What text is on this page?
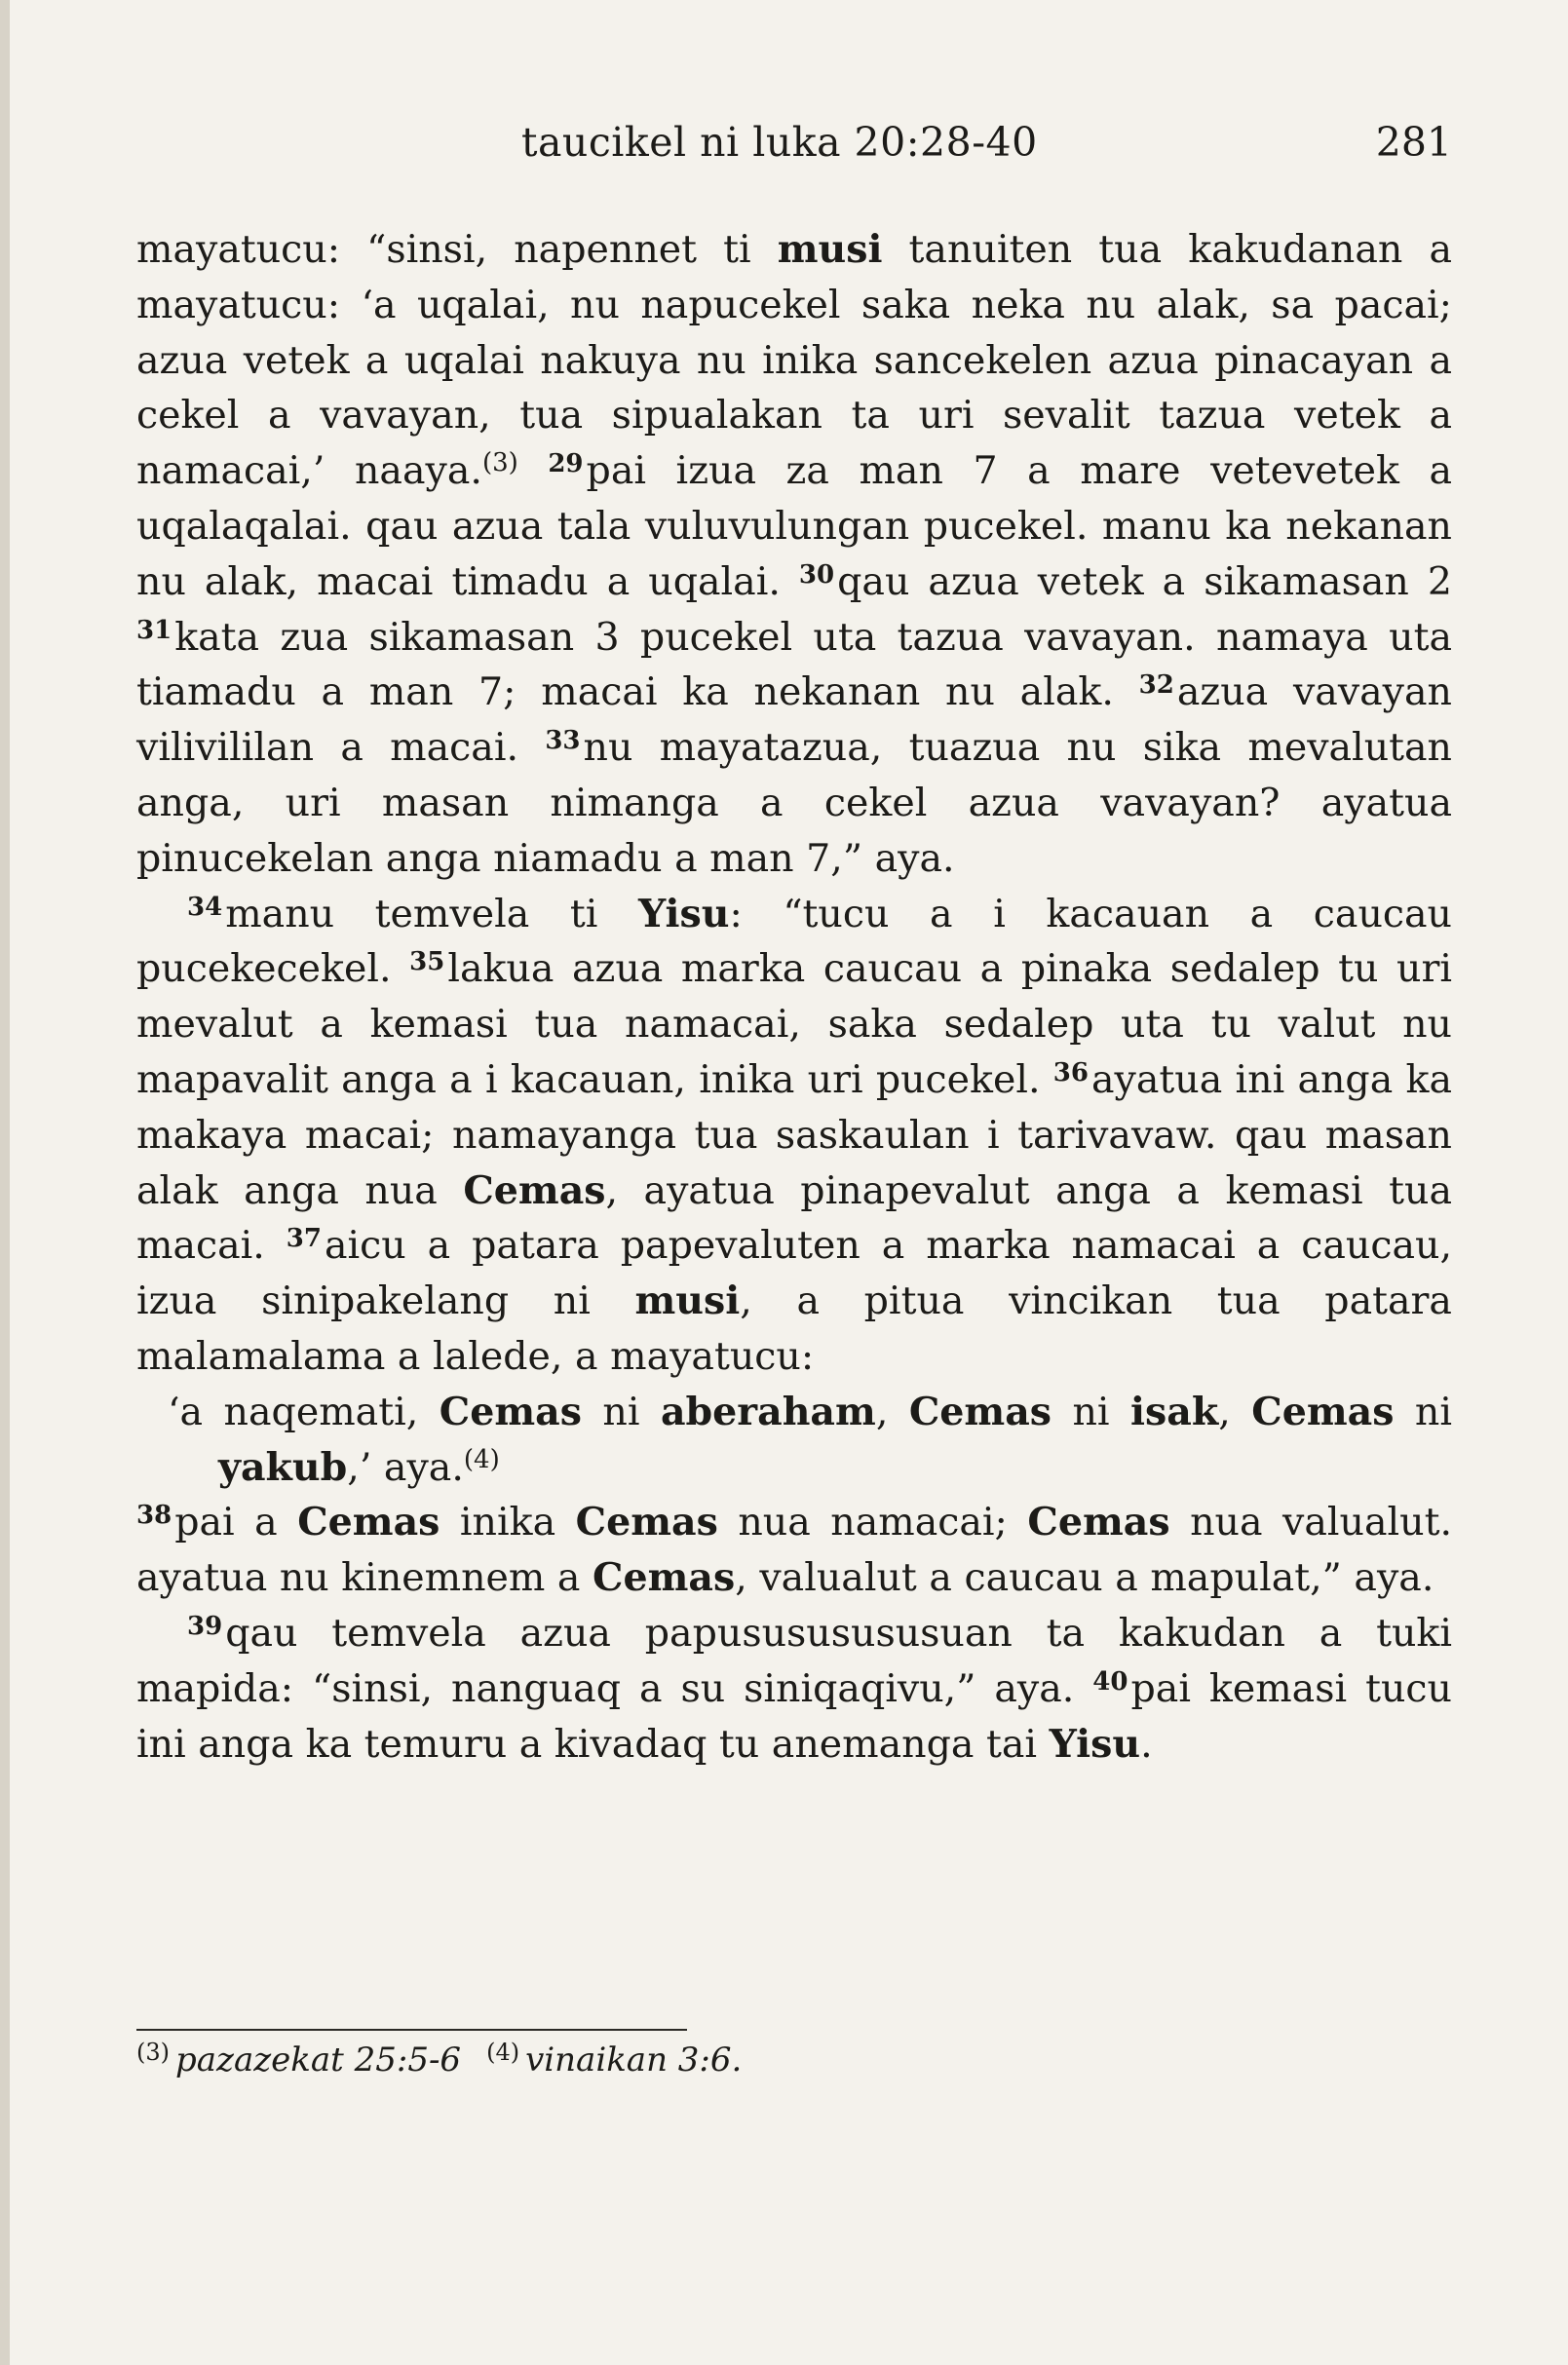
taucikel ni luka 20:28-40	281

mayatucu: “sinsi, napennet ti musi tanuiten tua kakudanan a mayatucu: ‘a uqalai, nu napucekel saka neka nu alak, sa pacai; azua vetek a uqalai nakuya nu inika sancekelen azua pinacayan a cekel a vavayan, tua sipualakan ta uri sevalit tazua vetek a namacai,’ naaya.$^{(3)}$ $^{29}$pai izua za man 7 a mare vetevetek a uqalaqalai. qau azua tala vuluvulungan pucekel. manu ka nekanan nu alak, macai timadu a uqalai. $^{30}$qau azua vetek a sikamasan 2 $^{31}$kata zua sikamasan 3 pucekel uta tazua vavayan. namaya uta tiamadu a man 7; macai ka nekanan nu alak. $^{32}$azua vavayan vilivililan a macai. $^{33}$nu mayatazua, tuazua nu sika mevalutan anga, uri masan nimanga a cekel azua vavayan? ayatua pinucekelan anga niamadu a man 7,” aya.

$^{34}$manu temvela ti Yisu: “tucu a i kacauan a caucau pucekecekel. $^{35}$lakua azua marka caucau a pinaka sedalep tu uri mevalut a kemasi tua namacai, saka sedalep uta tu valut nu mapavalit anga a i kacauan, inika uri pucekel. $^{36}$ayatua ini anga ka makaya macai; namayanga tua saskaulan i tarivavaw. qau masan alak anga nua Cemas, ayatua pinapevalut anga a kemasi tua macai. $^{37}$aicu a patara papevaluten a marka namacai a caucau, izua sinipakelang ni musi, a pitua vincikan tua patara malamalama a lalede, a mayatucu:

‘a naqemati, Cemas ni aberaham, Cemas ni isak, Cemas ni yakub,’ aya.$^{(4)}$

$^{38}$pai a Cemas inika Cemas nua namacai; Cemas nua valualut. ayatua nu kinemnem a Cemas, valualut a caucau a mapulat,” aya.

$^{39}$qau temvela azua papusususususuan ta kakudan a tuki mapida: “sinsi, nanguaq a su siniqaqivu,” aya. $^{40}$pai kemasi tucu ini anga ka temuru a kivadaq tu anemanga tai Yisu.

$^{(3)}$ pazazekat 25:5-6 $^{(4)}$ vinaikan 3:6.
